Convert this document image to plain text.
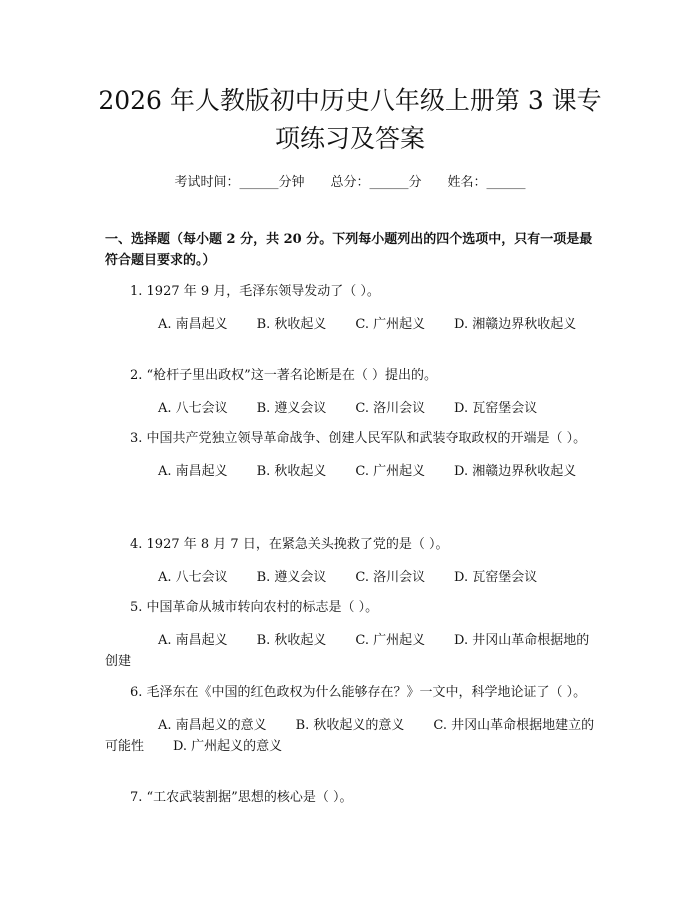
2026 年人教版初中历史八年级上册第 3 课专
项练习及答案
考试时间：______分钟 总分：______分 姓名：______
一、选择题（每小题 2 分，共 20 分。下列每小题列出的四个选项中，只有一项是最符合题目要求的。）
1. 1927 年 9 月，毛泽东领导发动了（ ）。
A. 南昌起义 B. 秋收起义 C. 广州起义 D. 湘赣边界秋收起义
2. “枪杆子里出政权”这一著名论断是在（ ）提出的。
A. 八七会议 B. 遵义会议 C. 洛川会议 D. 瓦窑堡会议
3. 中国共产党独立领导革命战争、创建人民军队和武装夺取政权的开端是（ ）。
A. 南昌起义 B. 秋收起义 C. 广州起义 D. 湘赣边界秋收起义
4. 1927 年 8 月 7 日，在紧急关头挽救了党的是（ ）。
A. 八七会议 B. 遵义会议 C. 洛川会议 D. 瓦窑堡会议
5. 中国革命从城市转向农村的标志是（ ）。
A. 南昌起义 B. 秋收起义 C. 广州起义 D. 井冈山革命根据地的创建
6. 毛泽东在《中国的红色政权为什么能够存在？》一文中，科学地论证了（ ）。
A. 南昌起义的意义 B. 秋收起义的意义 C. 井冈山革命根据地建立的可能性 D. 广州起义的意义
7. “工农武装割据”思想的核心是（ ）。
